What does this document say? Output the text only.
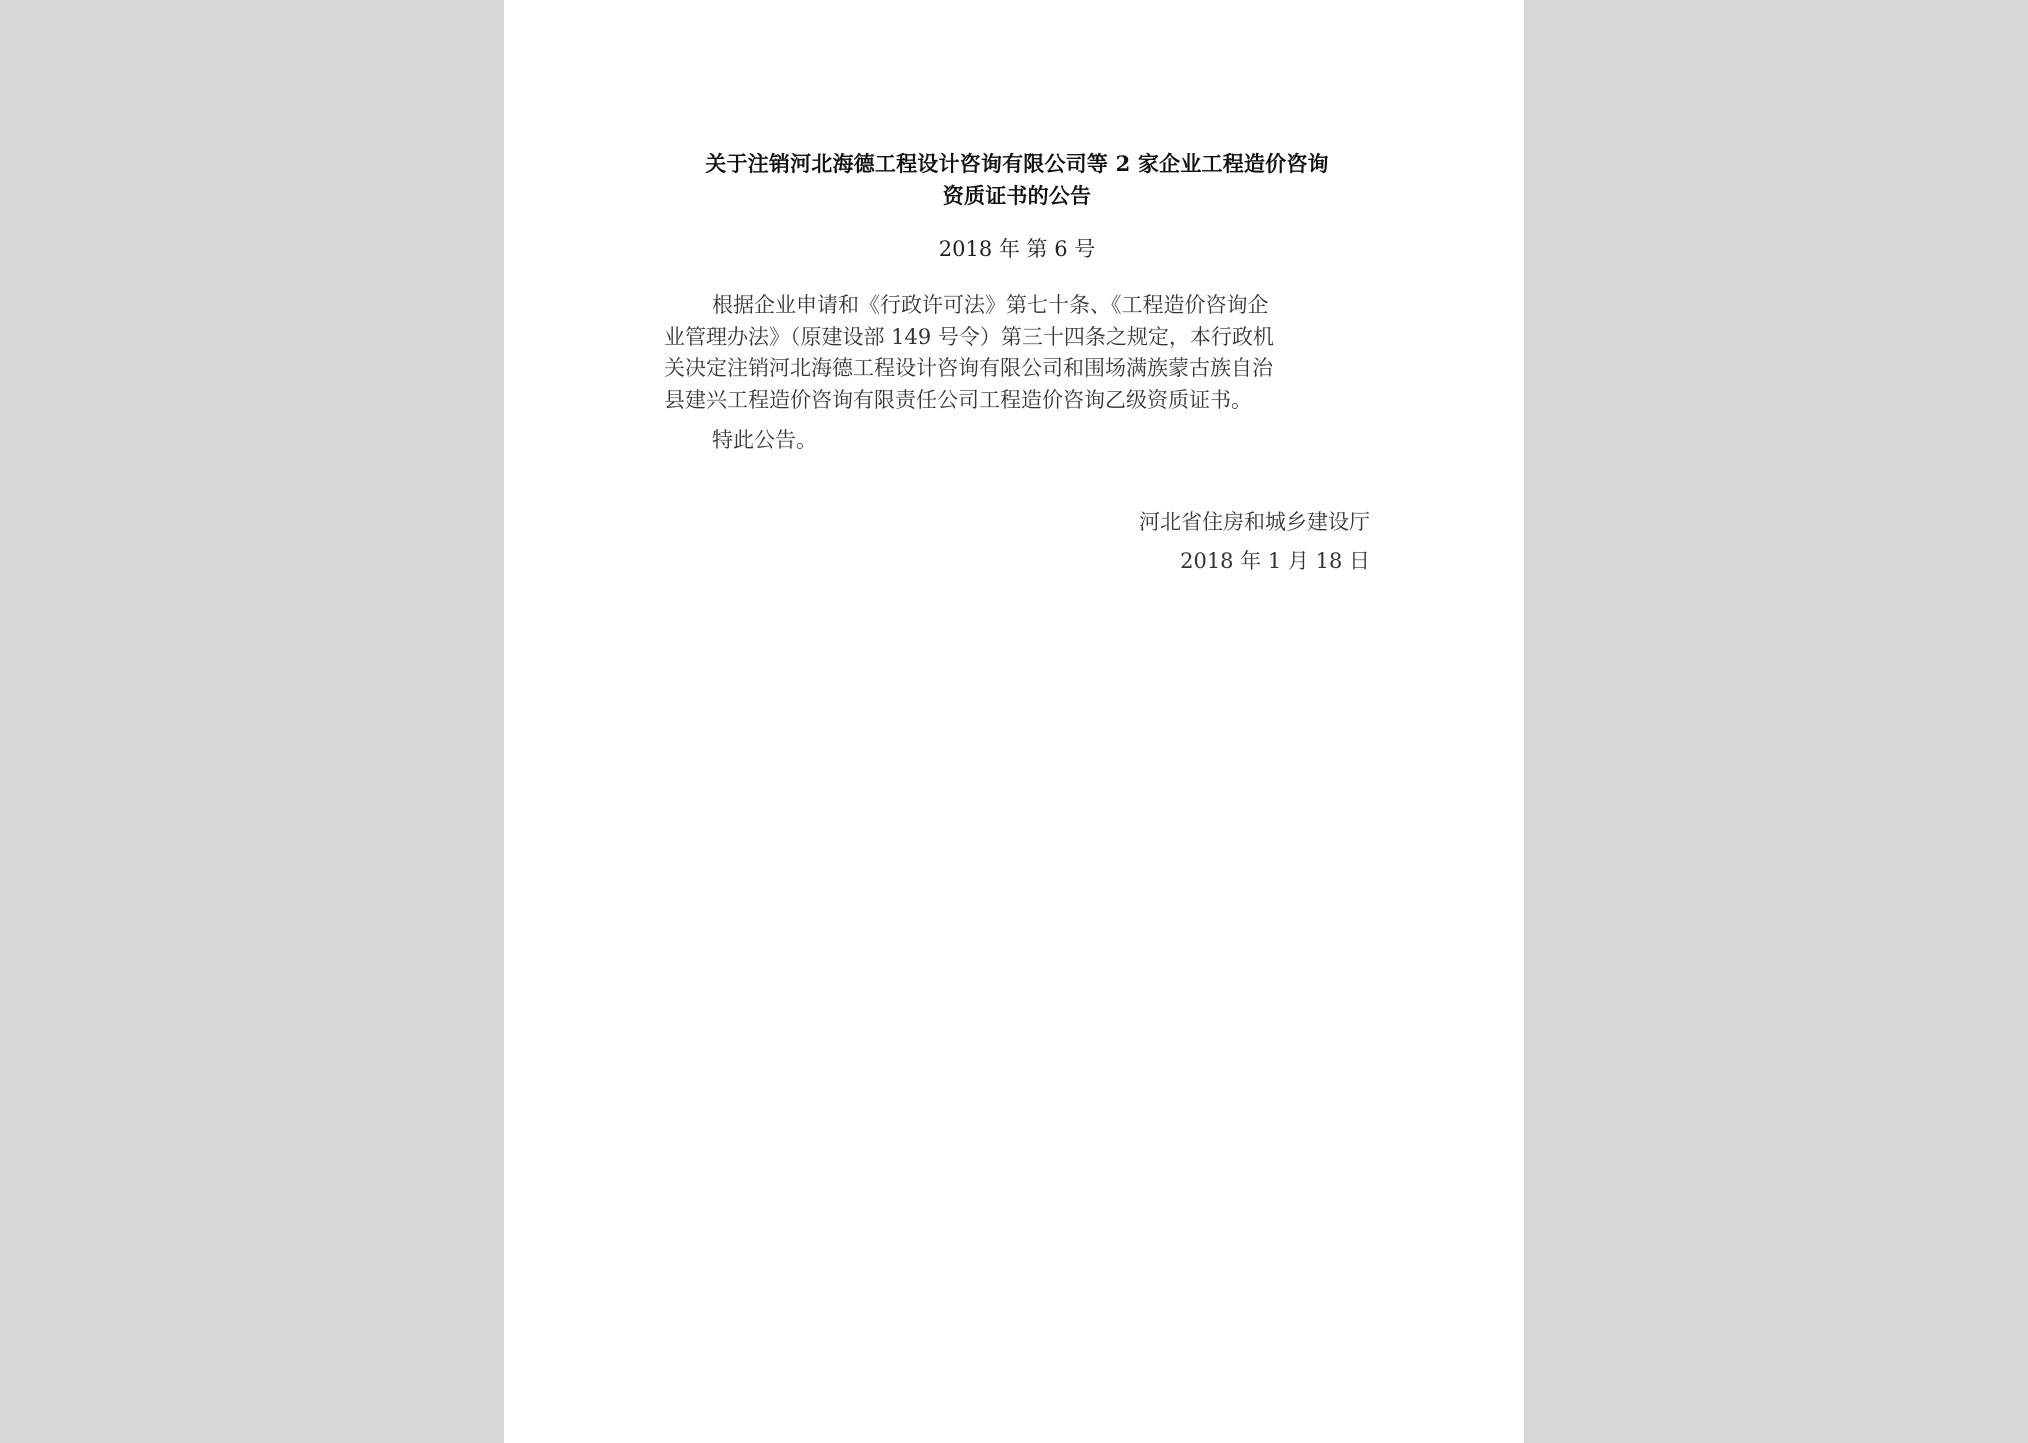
关于注销河北海德工程设计咨询有限公司等 2 家企业工程造价咨询
资质证书的公告
2018 年 第 6 号
根据企业申请和《行政许可法》第七十条、《工程造价咨询企
业管理办法》（原建设部 149 号令）第三十四条之规定，本行政机
关决定注销河北海德工程设计咨询有限公司和围场满族蒙古族自治
县建兴工程造价咨询有限责任公司工程造价咨询乙级资质证书。
特此公告。
河北省住房和城乡建设厅
2018 年 1 月 18 日
